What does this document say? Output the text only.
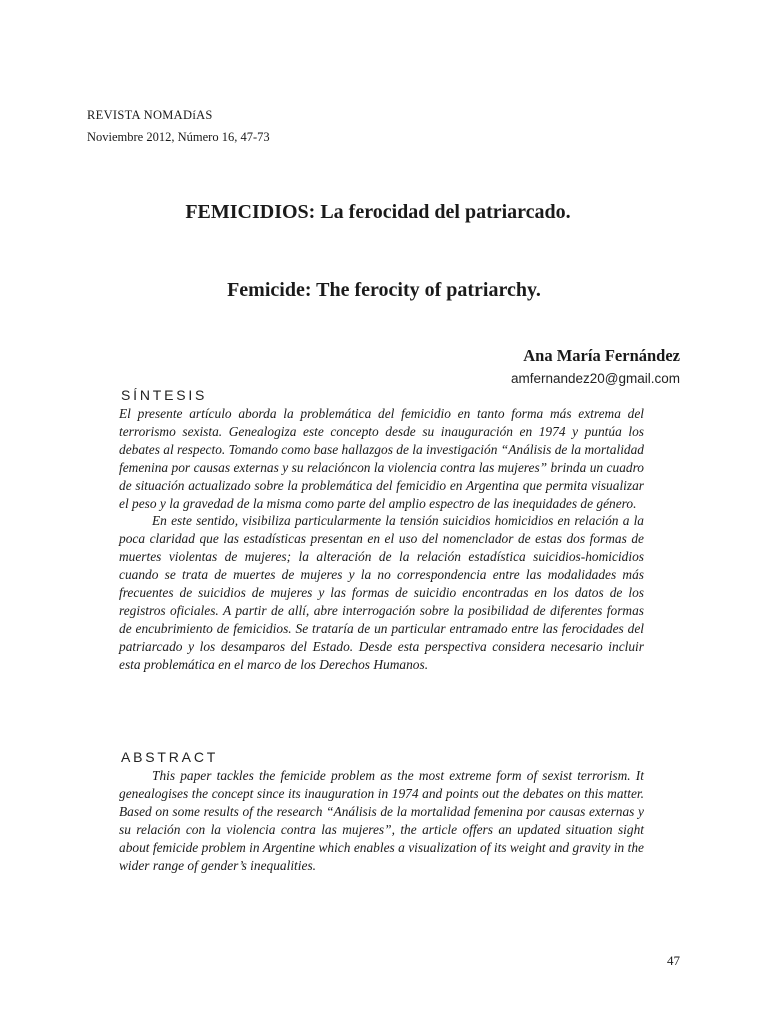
REVISTA NOMADíAS
Noviembre 2012, Número 16, 47-73
FEMICIDIOS: La ferocidad del patriarcado.
Femicide: The ferocity of patriarchy.
Ana María Fernández
amfernandez20@gmail.com
SÍNTESIS

El presente artículo aborda la problemática del femicidio en tanto forma más extrema del terrorismo sexista. Genealogiza este concepto desde su inauguración en 1974 y puntúa los debates al respecto. Tomando como base hallazgos de la investigación “Análisis de la mortalidad femenina por causas externas y su relacióncon la violencia contra las mujeres” brinda un cuadro de situación actualizado sobre la problemática del femicidio en Argentina que permita visualizar el peso y la gravedad de la misma como parte del amplio espectro de las inequidades de género.

En este sentido, visibiliza particularmente la tensión suicidios homicidios en relación a la poca claridad que las estadísticas presentan en el uso del nomenclador de estas dos formas de muertes violentas de mujeres; la alteración de la relación estadística suicidios-homicidios cuando se trata de muertes de mujeres y la no correspondencia entre las modalidades más frecuentes de suicidios de mujeres y las formas de suicidio encontradas en los datos de los registros oficiales. A partir de allí, abre interrogación sobre la posibilidad de diferentes formas de encubrimiento de femicidios. Se trataría de un particular entramado entre las ferocidades del patriarcado y los desamparos del Estado. Desde esta perspectiva considera necesario incluir esta problemática en el marco de los Derechos Humanos.

ABSTRACT

This paper tackles the femicide problem as the most extreme form of sexist terrorism. It genealogises the concept since its inauguration in 1974 and points out the debates on this matter. Based on some results of the research “Análisis de la mortalidad femenina por causas externas y su relación con la violencia contra las mujeres”, the article offers an updated situation sight about femicide problem in Argentine which enables a visualization of its weight and gravity in the wider range of gender’s inequalities.

47
